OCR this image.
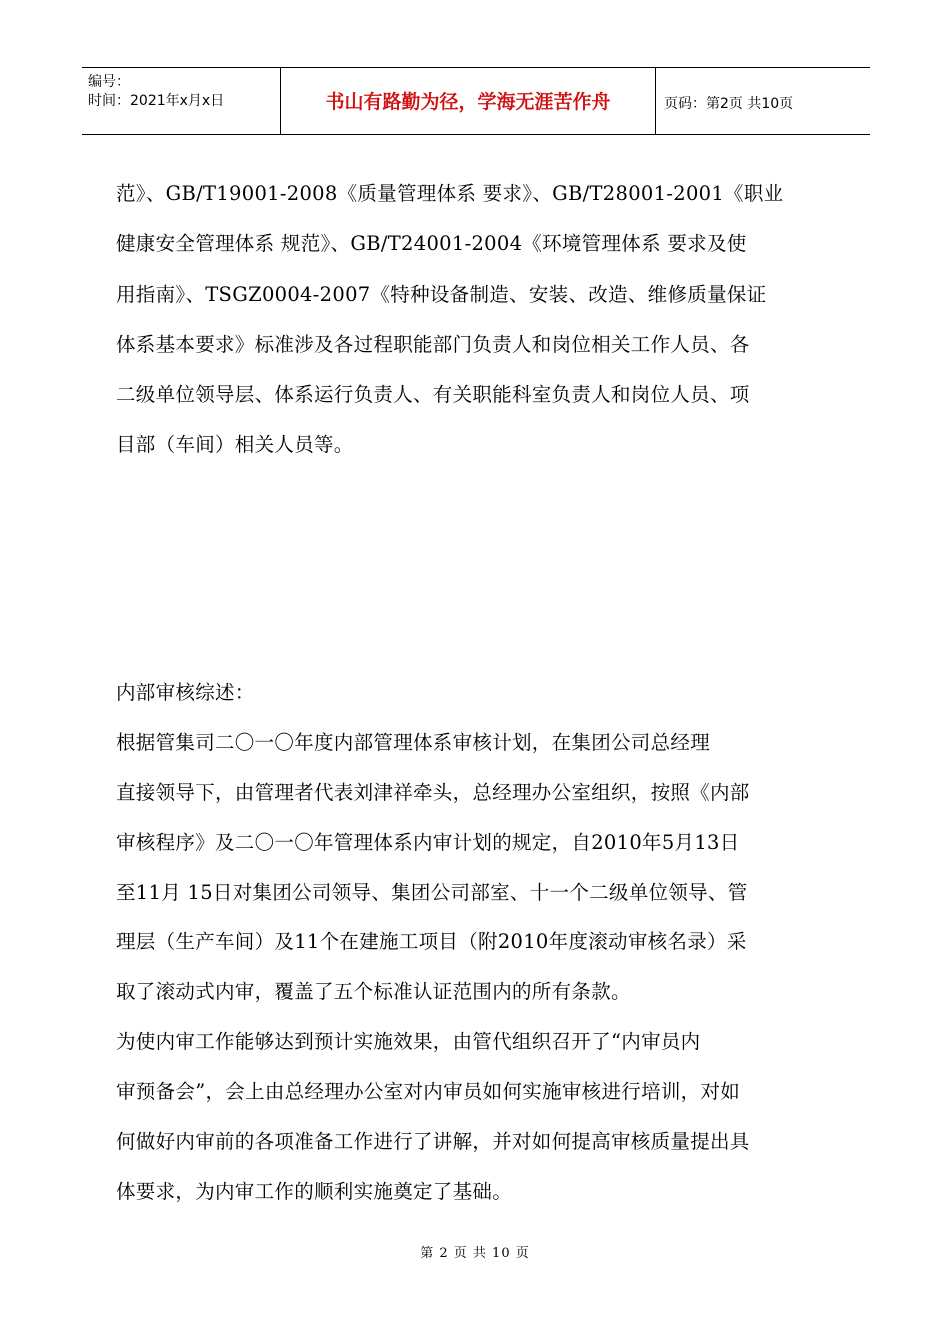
编号：
时间：2021年x月x日	书山有路勤为径，学海无涯苦作舟	页码：第2页 共10页
范》、GB/T19001-2008《质量管理体系 要求》、GB/T28001-2001《职业
健康安全管理体系 规范》、GB/T24001-2004《环境管理体系 要求及使
用指南》、TSGZ0004-2007《特种设备制造、安装、改造、维修质量保证
体系基本要求》标准涉及各过程职能部门负责人和岗位相关工作人员、各
二级单位领导层、体系运行负责人、有关职能科室负责人和岗位人员、项
目部（车间）相关人员等。
内部审核综述：
根据管集司二〇一〇年度内部管理体系审核计划，在集团公司总经理
直接领导下，由管理者代表刘津祥牵头，总经理办公室组织，按照《内部
审核程序》及二〇一〇年管理体系内审计划的规定，自2010年5月13日
至11月 15日对集团公司领导、集团公司部室、十一个二级单位领导、管
理层（生产车间）及11个在建施工项目（附2010年度滚动审核名录）采
取了滚动式内审，覆盖了五个标准认证范围内的所有条款。
为使内审工作能够达到预计实施效果，由管代组织召开了“内审员内
审预备会”，会上由总经理办公室对内审员如何实施审核进行培训，对如
何做好内审前的各项准备工作进行了讲解，并对如何提高审核质量提出具
体要求，为内审工作的顺利实施奠定了基础。
第 2 页 共 10 页
